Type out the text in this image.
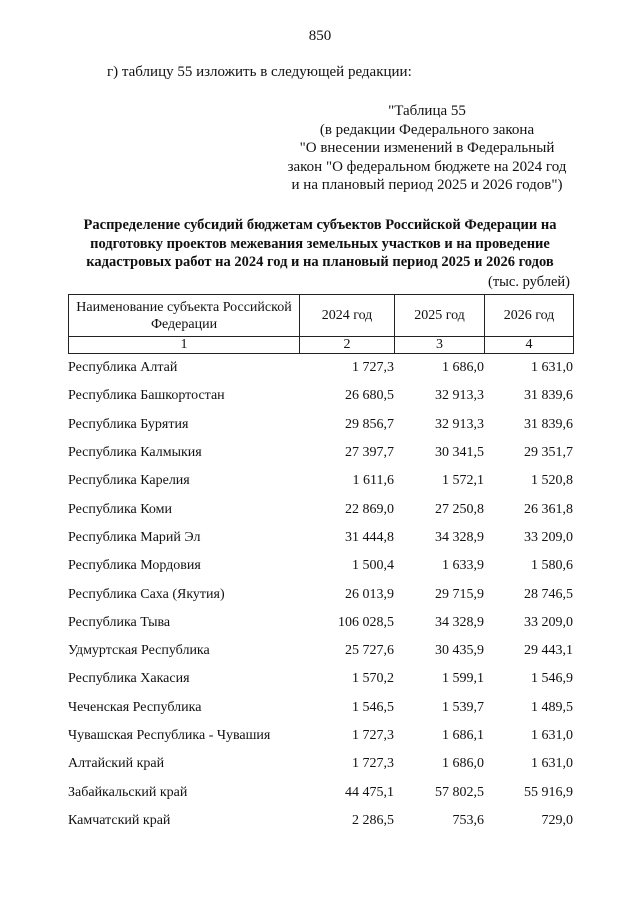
850
г) таблицу 55 изложить в следующей редакции:
"Таблица 55
(в редакции Федерального закона
"О внесении изменений в Федеральный
закон "О федеральном бюджете на 2024 год
и на плановый период 2025 и 2026 годов")
Распределение субсидий бюджетам субъектов Российской Федерации на
подготовку проектов межевания земельных участков и на проведение
кадастровых работ на 2024 год и на плановый период 2025 и 2026 годов
(тыс. рублей)
Наименование субъекта Российской Федерации	2024 год	2025 год	2026 год
1	2	3	4
Республика Алтай	1 727,3	1 686,0	1 631,0
Республика Башкортостан	26 680,5	32 913,3	31 839,6
Республика Бурятия	29 856,7	32 913,3	31 839,6
Республика Калмыкия	27 397,7	30 341,5	29 351,7
Республика Карелия	1 611,6	1 572,1	1 520,8
Республика Коми	22 869,0	27 250,8	26 361,8
Республика Марий Эл	31 444,8	34 328,9	33 209,0
Республика Мордовия	1 500,4	1 633,9	1 580,6
Республика Саха (Якутия)	26 013,9	29 715,9	28 746,5
Республика Тыва	106 028,5	34 328,9	33 209,0
Удмуртская Республика	25 727,6	30 435,9	29 443,1
Республика Хакасия	1 570,2	1 599,1	1 546,9
Чеченская Республика	1 546,5	1 539,7	1 489,5
Чувашская Республика - Чувашия	1 727,3	1 686,1	1 631,0
Алтайский край	1 727,3	1 686,0	1 631,0
Забайкальский край	44 475,1	57 802,5	55 916,9
Камчатский край	2 286,5	753,6	729,0
